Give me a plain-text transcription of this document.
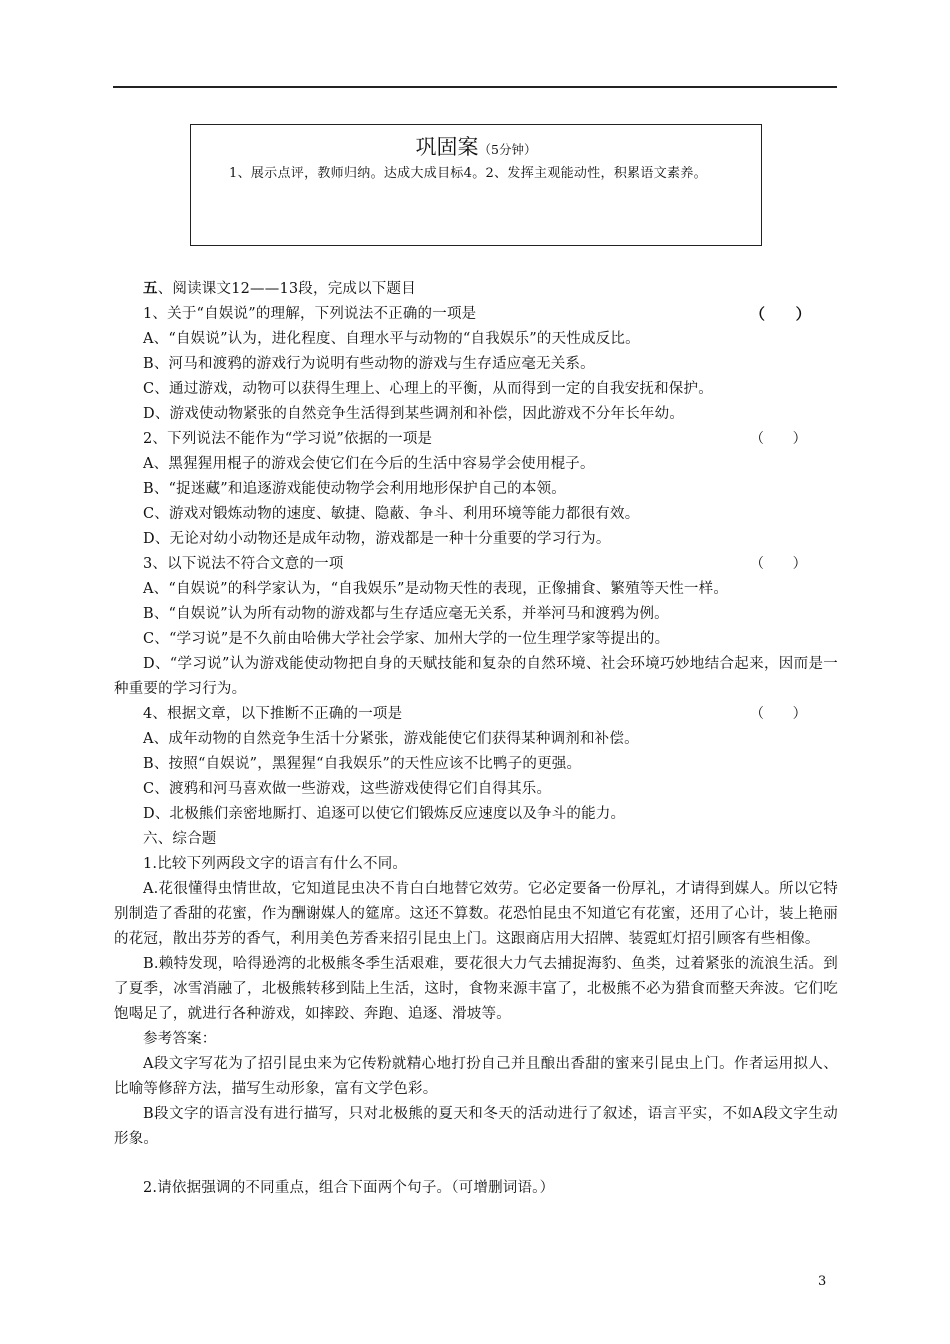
巩固案（5分钟）
1、展示点评，教师归纳。达成大成目标4。2、发挥主观能动性，积累语文素养。
五、阅读课文12——13段，完成以下题目
1、关于“自娱说”的理解，下列说法不正确的一项是	（　　）
A、“自娱说”认为，进化程度、自理水平与动物的“自我娱乐”的天性成反比。
B、河马和渡鸦的游戏行为说明有些动物的游戏与生存适应毫无关系。
C、通过游戏，动物可以获得生理上、心理上的平衡，从而得到一定的自我安抚和保护。
D、游戏使动物紧张的自然竞争生活得到某些调剂和补偿，因此游戏不分年长年幼。
2、下列说法不能作为“学习说”依据的一项是	（　　）
A、黑猩猩用棍子的游戏会使它们在今后的生活中容易学会使用棍子。
B、“捉迷藏”和追逐游戏能使动物学会利用地形保护自己的本领。
C、游戏对锻炼动物的速度、敏捷、隐蔽、争斗、利用环境等能力都很有效。
D、无论对幼小动物还是成年动物，游戏都是一种十分重要的学习行为。
3、以下说法不符合文意的一项	（　　）
A、“自娱说”的科学家认为，“自我娱乐”是动物天性的表现，正像捕食、繁殖等天性一样。
B、“自娱说”认为所有动物的游戏都与生存适应毫无关系，并举河马和渡鸦为例。
C、“学习说”是不久前由哈佛大学社会学家、加州大学的一位生理学家等提出的。
D、“学习说”认为游戏能使动物把自身的天赋技能和复杂的自然环境、社会环境巧妙地结合起来，因而是一种重要的学习行为。
4、根据文章，以下推断不正确的一项是	（　　）
A、成年动物的自然竞争生活十分紧张，游戏能使它们获得某种调剂和补偿。
B、按照“自娱说”，黑猩猩“自我娱乐”的天性应该不比鸭子的更强。
C、渡鸦和河马喜欢做一些游戏，这些游戏使得它们自得其乐。
D、北极熊们亲密地厮打、追逐可以使它们锻炼反应速度以及争斗的能力。
六、综合题
1.比较下列两段文字的语言有什么不同。
A.花很懂得虫情世故，它知道昆虫决不肯白白地替它效劳。它必定要备一份厚礼，才请得到媒人。所以它特别制造了香甜的花蜜，作为酬谢媒人的筵席。这还不算数。花恐怕昆虫不知道它有花蜜，还用了心计，装上艳丽的花冠，散出芬芳的香气，利用美色芳香来招引昆虫上门。这跟商店用大招牌、装霓虹灯招引顾客有些相像。
B.赖特发现，哈得逊湾的北极熊冬季生活艰难，要花很大力气去捕捉海豹、鱼类，过着紧张的流浪生活。到了夏季，冰雪消融了，北极熊转移到陆上生活，这时，食物来源丰富了，北极熊不必为猎食而整天奔波。它们吃饱喝足了，就进行各种游戏，如摔跤、奔跑、追逐、滑坡等。
参考答案：
A段文字写花为了招引昆虫来为它传粉就精心地打扮自己并且酿出香甜的蜜来引昆虫上门。作者运用拟人、比喻等修辞方法，描写生动形象，富有文学色彩。
B段文字的语言没有进行描写，只对北极熊的夏天和冬天的活动进行了叙述，语言平实，不如A段文字生动形象。
2.请依据强调的不同重点，组合下面两个句子。（可增删词语。）
3
